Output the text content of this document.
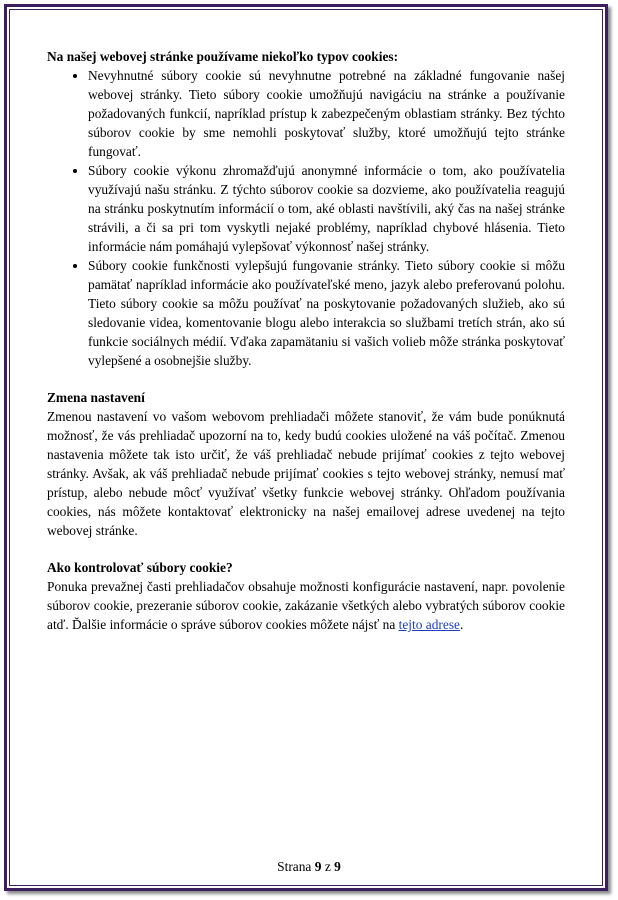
Na našej webovej stránke používame niekoľko typov cookies:

• Nevyhnutné súbory cookie sú nevyhnutne potrebné na základné fungovanie našej webovej stránky. Tieto súbory cookie umožňujú navigáciu na stránke a používanie požadovaných funkcií, napríklad prístup k zabezpečeným oblastiam stránky. Bez týchto súborov cookie by sme nemohli poskytovať služby, ktoré umožňujú tejto stránke fungovať.
• Súbory cookie výkonu zhromažďujú anonymné informácie o tom, ako používatelia využívajú našu stránku. Z týchto súborov cookie sa dozvieme, ako používatelia reagujú na stránku poskytnutím informácií o tom, aké oblasti navštívili, aký čas na našej stránke strávili, a či sa pri tom vyskytli nejaké problémy, napríklad chybové hlásenia. Tieto informácie nám pomáhajú vylepšovať výkonnosť našej stránky.
• Súbory cookie funkčnosti vylepšujú fungovanie stránky. Tieto súbory cookie si môžu pamätať napríklad informácie ako používateľské meno, jazyk alebo preferovanú polohu. Tieto súbory cookie sa môžu používať na poskytovanie požadovaných služieb, ako sú sledovanie videa, komentovanie blogu alebo interakcia so službami tretích strán, ako sú funkcie sociálnych médií. Vďaka zapamätaniu si vašich volieb môže stránka poskytovať vylepšené a osobnejšie služby.

Zmena nastavení

Zmenou nastavení vo vašom webovom prehliadači môžete stanoviť, že vám bude ponúknutá možnosť, že vás prehliadač upozorní na to, kedy budú cookies uložené na váš počítač. Zmenou nastavenia môžete tak isto určiť, že váš prehliadač nebude prijímať cookies z tejto webovej stránky. Avšak, ak váš prehliadač nebude prijímať cookies s tejto webovej stránky, nemusí mať prístup, alebo nebude môcť využívať všetky funkcie webovej stránky. Ohľadom používania cookies, nás môžete kontaktovať elektronicky na našej emailovej adrese uvedenej na tejto webovej stránke.

Ako kontrolovať súbory cookie?

Ponuka prevažnej časti prehliadačov obsahuje možnosti konfigurácie nastavení, napr. povolenie súborov cookie, prezeranie súborov cookie, zakázanie všetkých alebo vybratých súborov cookie atď. Ďalšie informácie o správe súborov cookies môžete nájsť na tejto adrese.

Strana 9 z 9
